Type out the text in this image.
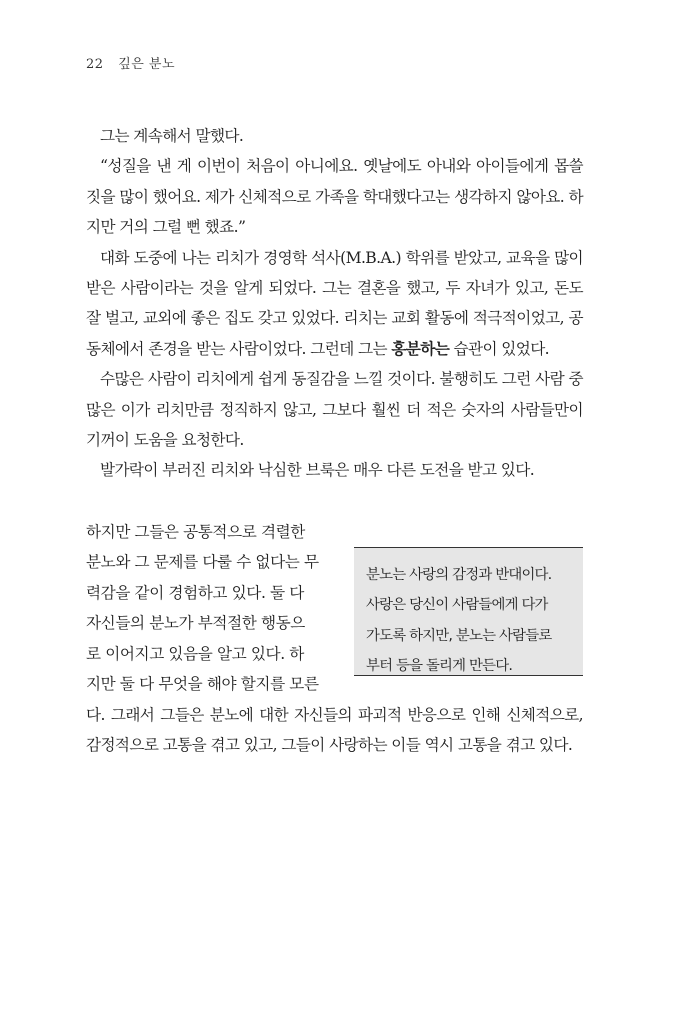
22 깊은 분노

그는 계속해서 말했다.

“성질을 낸 게 이번이 처음이 아니에요. 옛날에도 아내와 아이들에게 몹쓸 짓을 많이 했어요. 제가 신체적으로 가족을 학대했다고는 생각하지 않아요. 하지만 거의 그럴 뻔 했죠.”

대화 도중에 나는 리치가 경영학 석사(M.B.A.) 학위를 받았고, 교육을 많이 받은 사람이라는 것을 알게 되었다. 그는 결혼을 했고, 두 자녀가 있고, 돈도 잘 벌고, 교외에 좋은 집도 갖고 있었다. 리치는 교회 활동에 적극적이었고, 공동체에서 존경을 받는 사람이었다. 그런데 그는 홍분하는 습관이 있었다.

수많은 사람이 리치에게 쉽게 동질감을 느낄 것이다. 불행히도 그런 사람 중 많은 이가 리치만큼 정직하지 않고, 그보다 훨씬 더 적은 숫자의 사람들만이 기꺼이 도움을 요청한다.

발가락이 부러진 리치와 낙심한 브룩은 매우 다른 도전을 받고 있다.

하지만 그들은 공통적으로 격렬한
분노와 그 문제를 다룰 수 없다는 무
력감을 같이 경험하고 있다. 둘 다
자신들의 분노가 부적절한 행동으
로 이어지고 있음을 알고 있다. 하
지만 둘 다 무엇을 해야 할지를 모른
분노는 사랑의 감정과 반대이다.
사랑은 당신이 사람들에게 다가
가도록 하지만, 분노는 사람들로
부터 등을 돌리게 만든다.

다. 그래서 그들은 분노에 대한 자신들의 파괴적 반응으로 인해 신체적으로, 감정적으로 고통을 겪고 있고, 그들이 사랑하는 이들 역시 고통을 겪고 있다.
